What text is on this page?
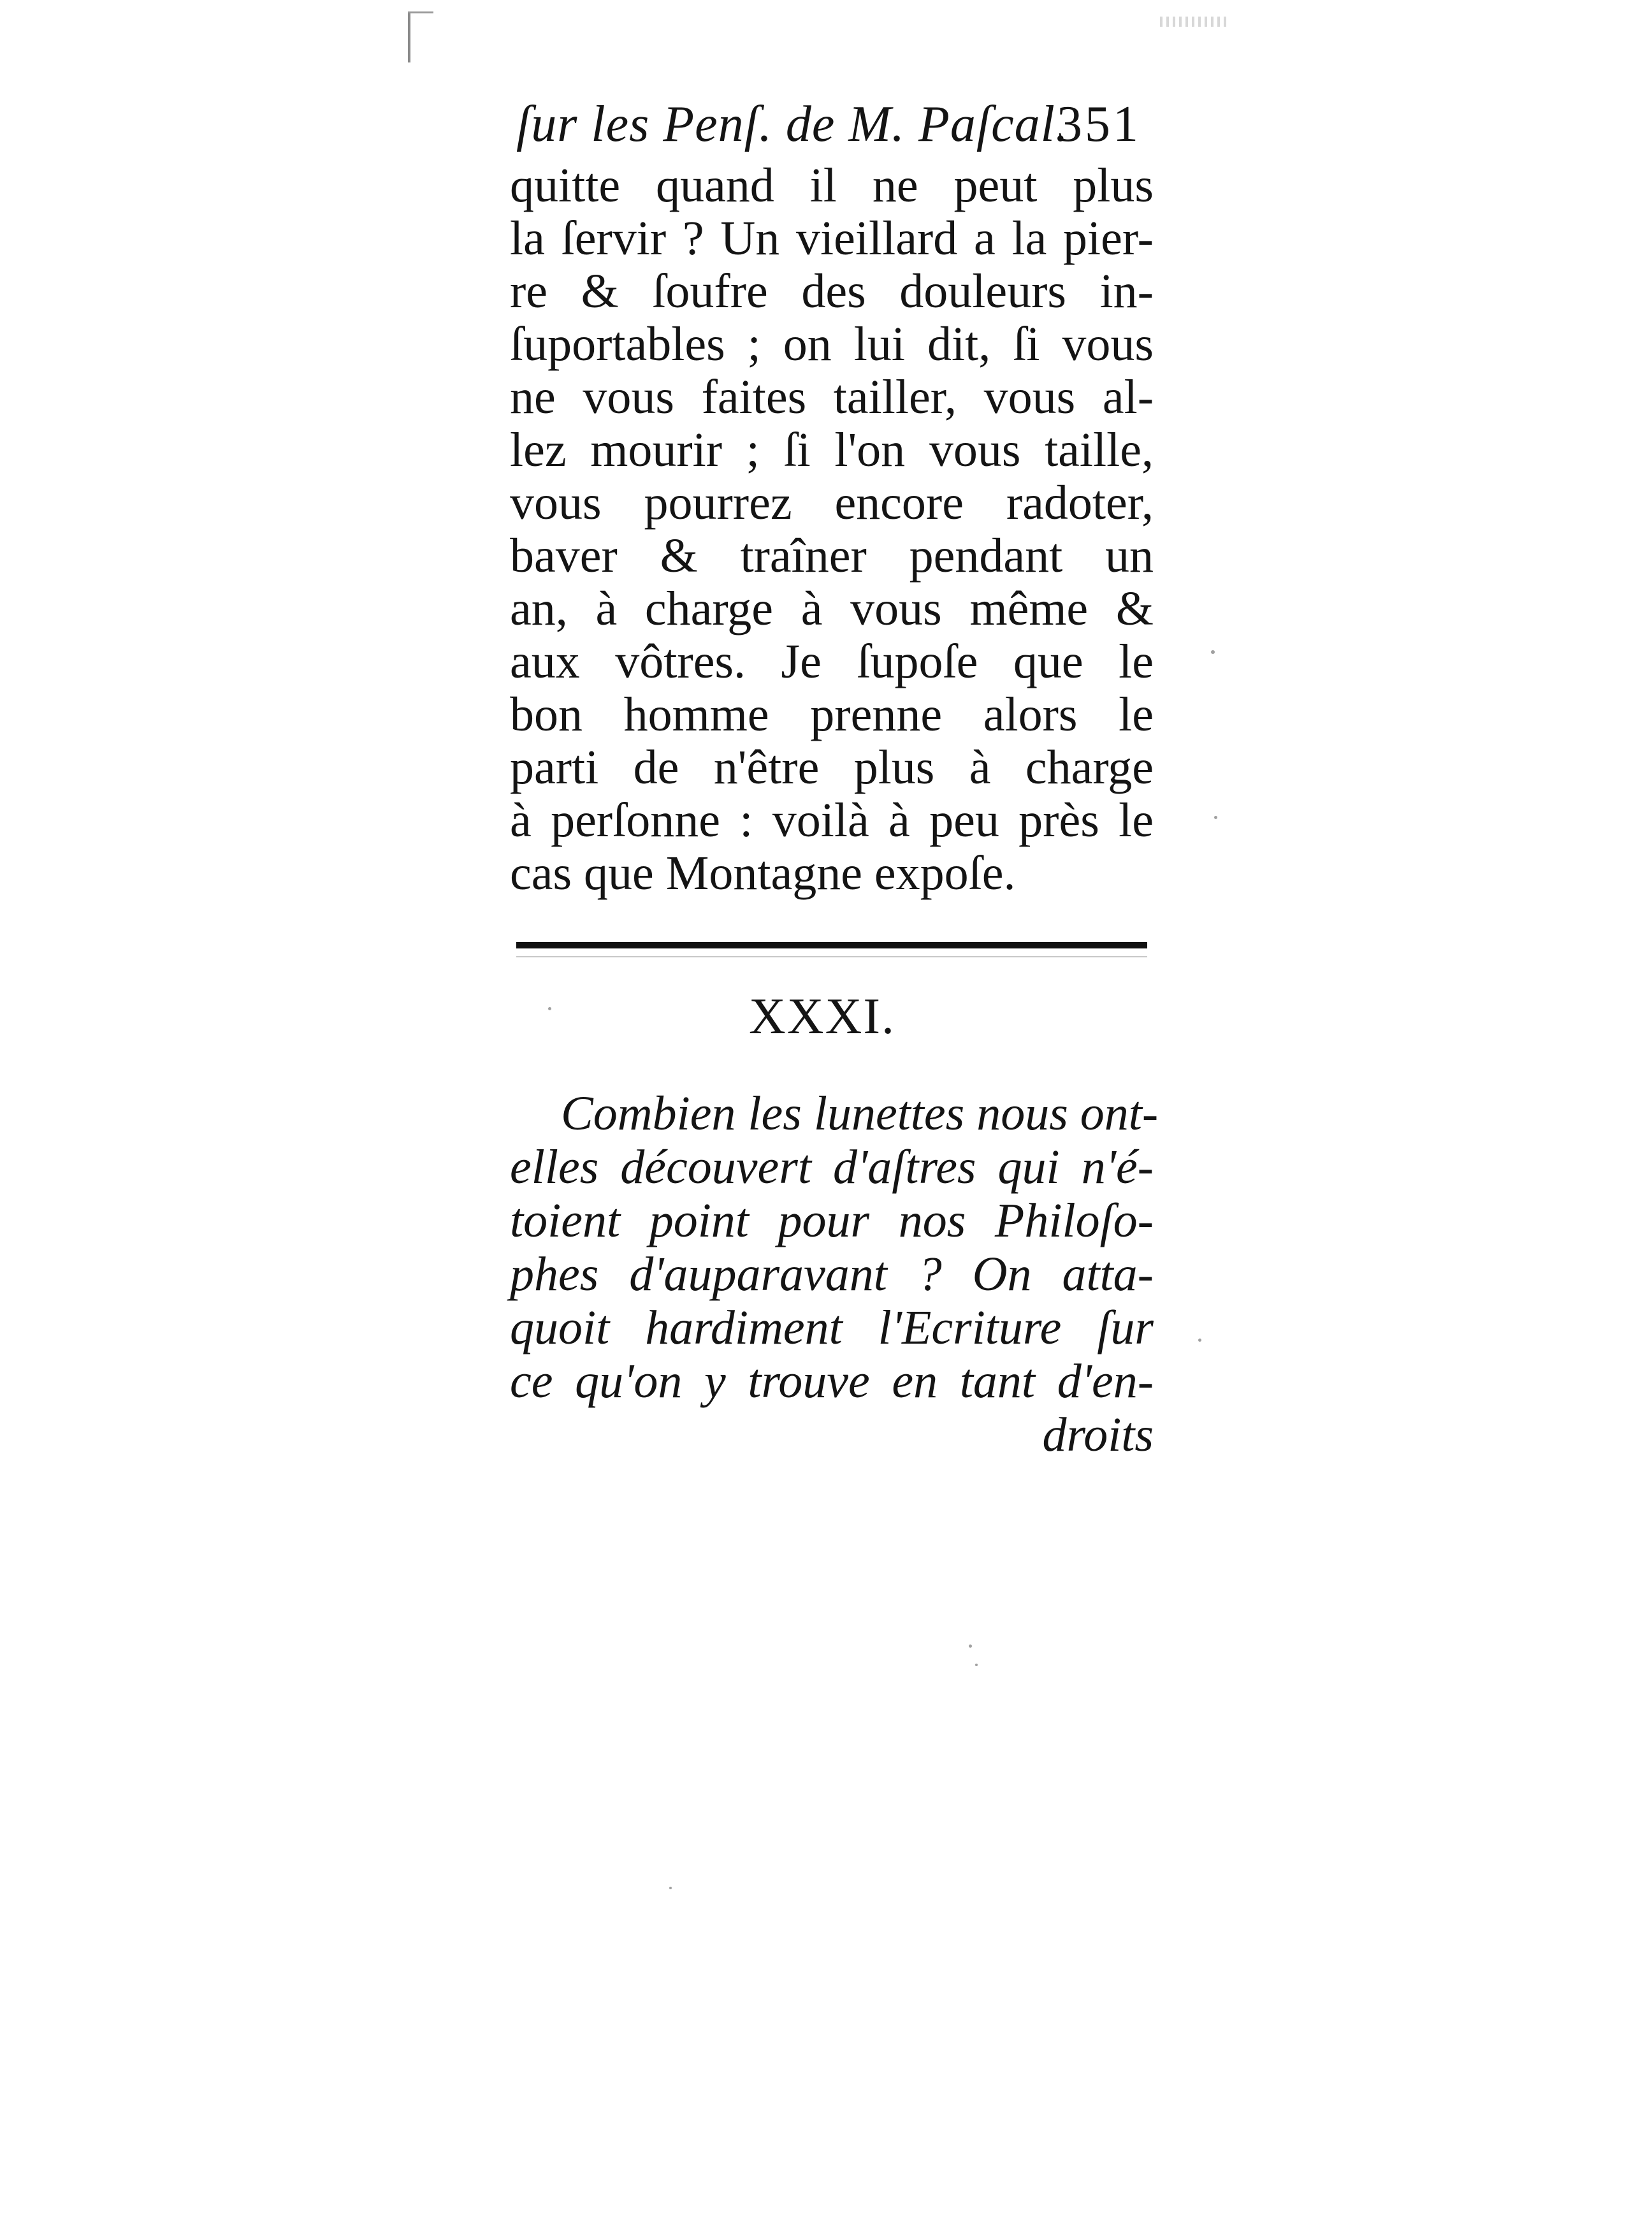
ſur les Penſ. de M. Paſcal.
351
quitte quand il ne peut plus
la ſervir ? Un vieillard a la pier-
re & ſoufre des douleurs in-
ſuportables ; on lui dit, ſi vous
ne vous faites tailler, vous al-
lez mourir ; ſi l'on vous taille,
vous pourrez encore radoter,
baver & traîner pendant un
an, à charge à vous même &
aux vôtres. Je ſupoſe que le
bon homme prenne alors le
parti de n'être plus à charge
à perſonne : voilà à peu près le
cas que Montagne expoſe.
XXXI.
Combien les lunettes nous ont-
elles découvert d'aſtres qui n'é-
toient point pour nos Philoſo-
phes d'auparavant ? On atta-
quoit hardiment l'Ecriture ſur
ce qu'on y trouve en tant d'en-
droits
